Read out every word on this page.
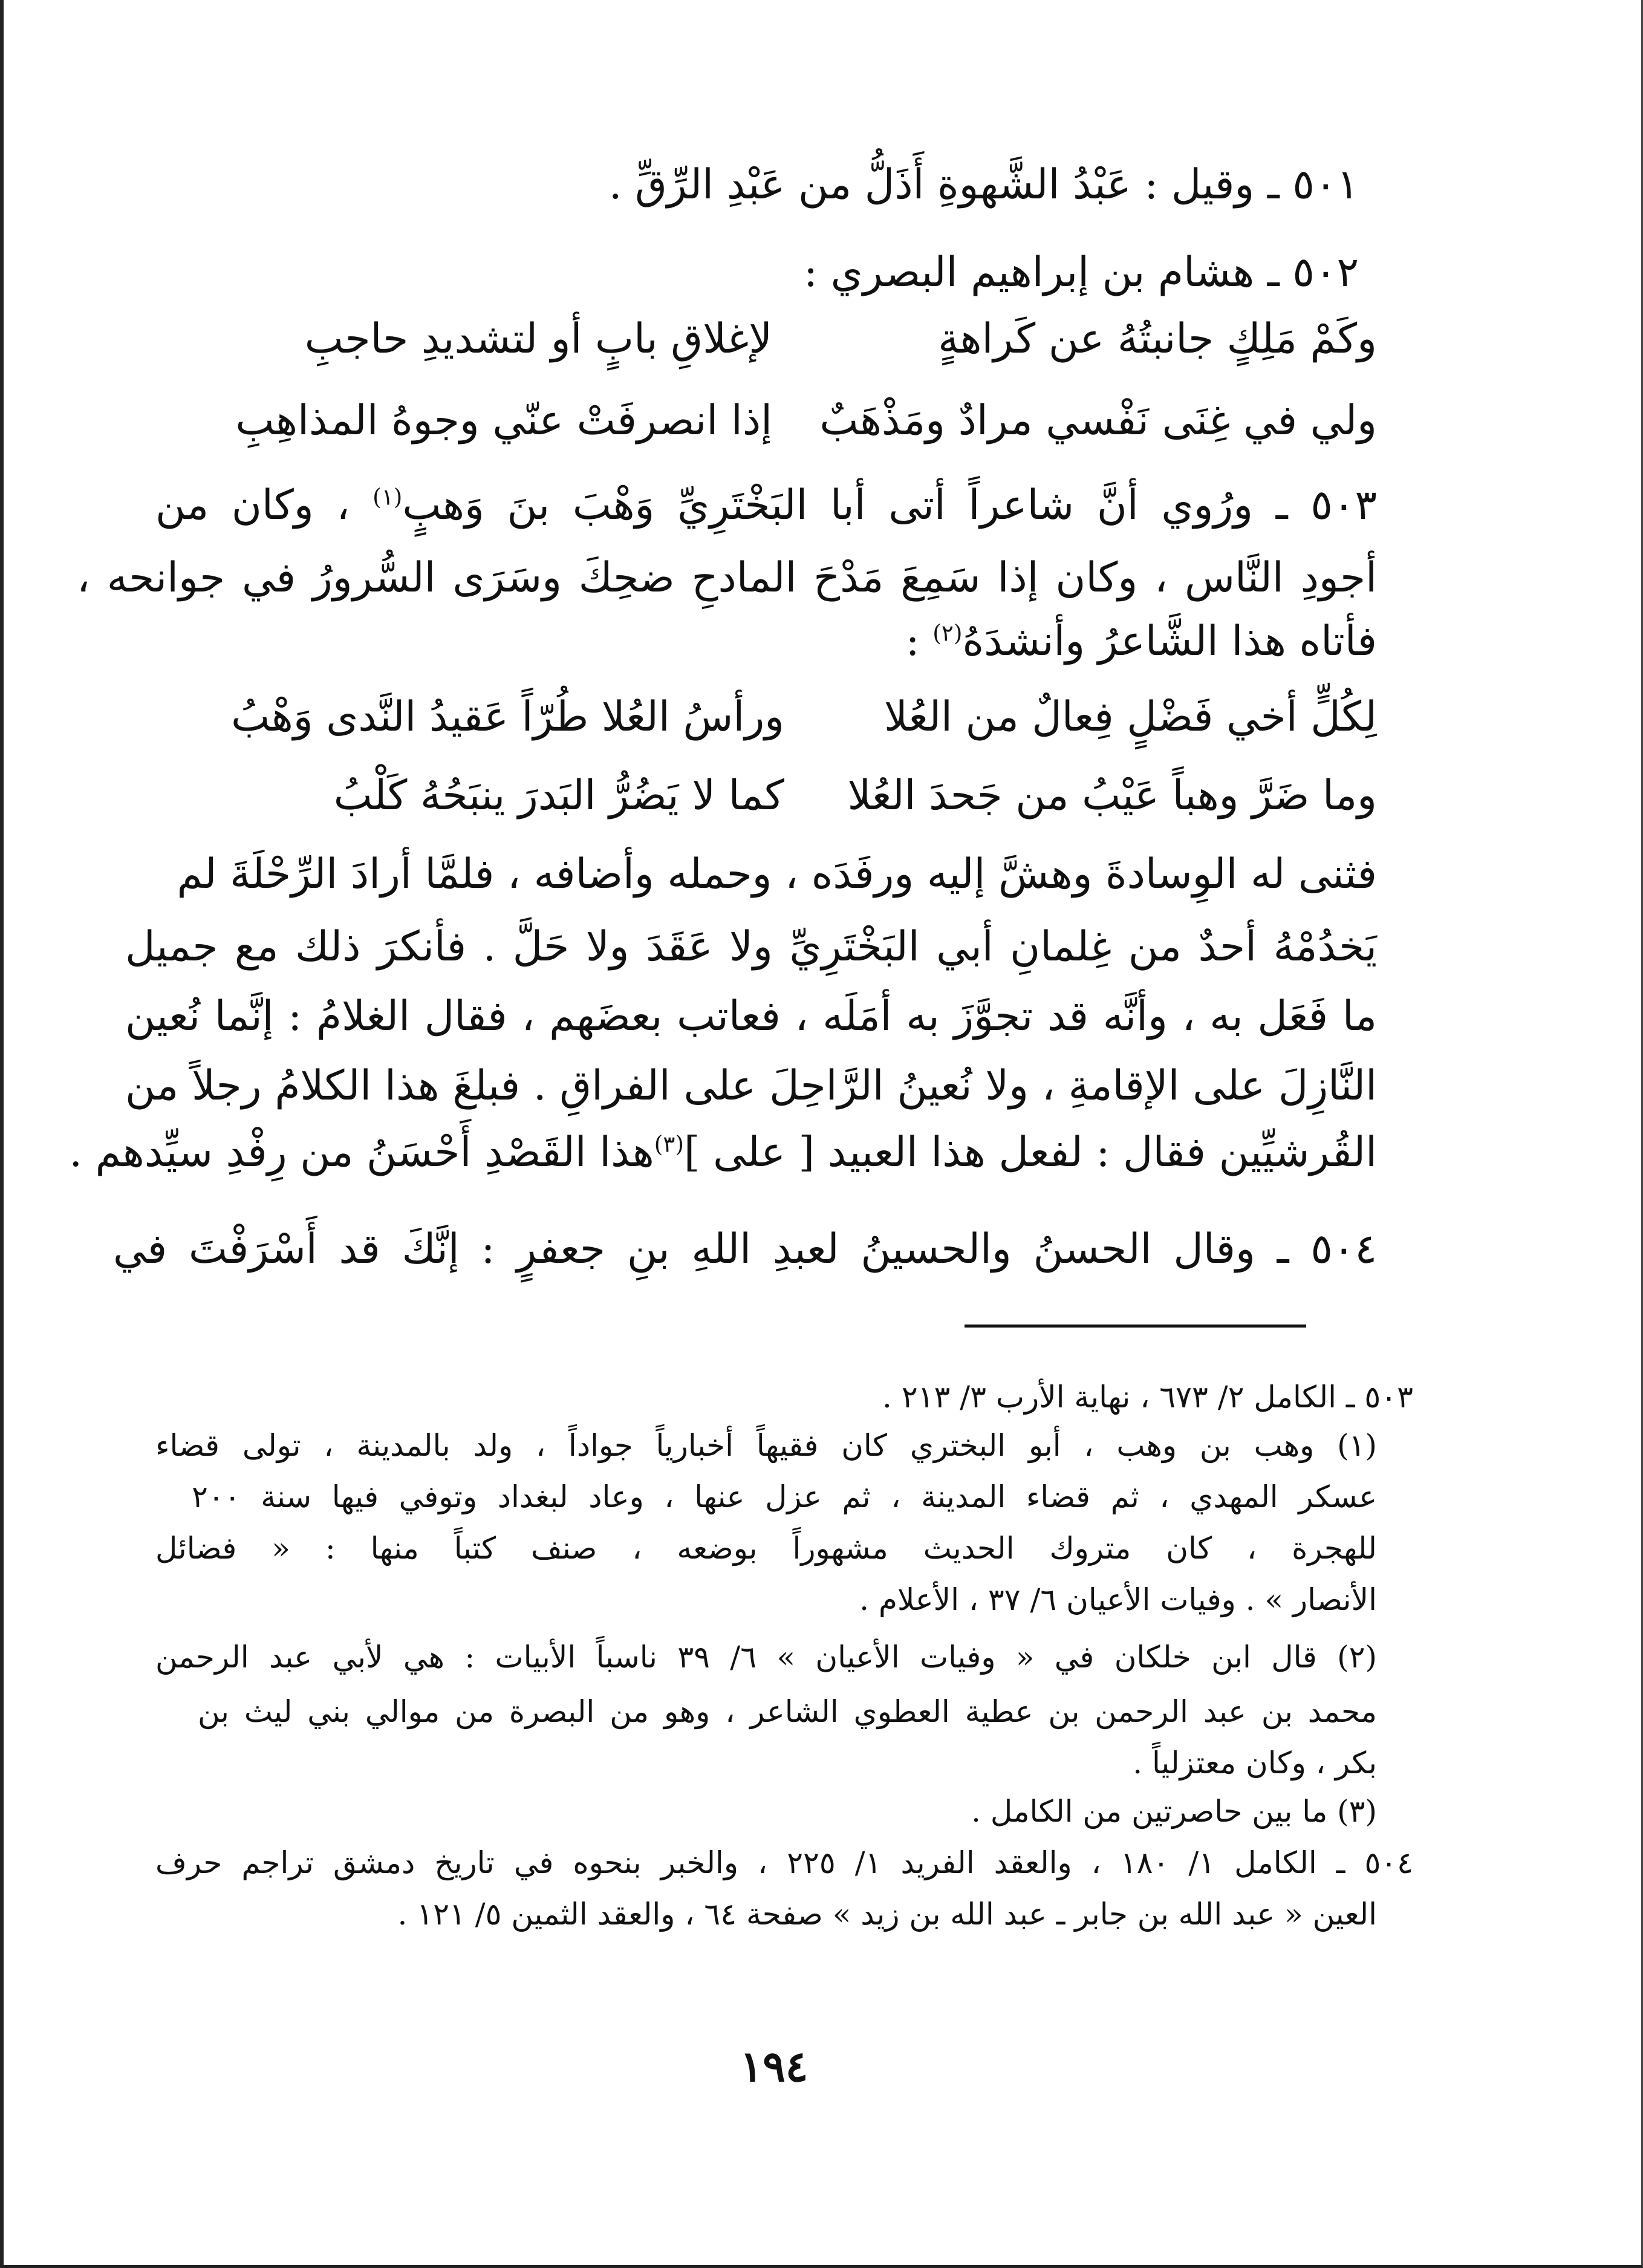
٥٠١ ـ وقيل : عَبْدُ الشَّهوةِ أَذَلُّ من عَبْدِ الرِّقِّ .
٥٠٢ ـ هشام بن إبراهيم البصري :
وكَمْ مَلِكٍ جانبتُهُ عن كَراهةٍ
لإغلاقِ بابٍ أو لتشديدِ حاجبِ
ولي في غِنَى نَفْسي مرادٌ ومَذْهَبٌ
إذا انصرفَتْ عنّي وجوهُ المذاهِبِ
٥٠٣ ـ ورُوي أنَّ شاعراً أتى أبا البَخْتَرِيِّ وَهْبَ بنَ وَهبٍ$^{(١)}$ ، وكان من
أجودِ النَّاس ، وكان إذا سَمِعَ مَدْحَ المادحِ ضحِكَ وسَرَى السُّرورُ في جوانحه ،
فأتاه هذا الشَّاعرُ وأنشدَهُ$^{(٢)}$ :
لِكُلٍّ أخي فَضْلٍ فِعالٌ من العُلا
ورأسُ العُلا طُرّاً عَقيدُ النَّدى وَهْبُ
وما ضَرَّ وهباً عَيْبُ من جَحدَ العُلا
كما لا يَضُرُّ البَدرَ ينبَحُهُ كَلْبُ
فثنى له الوِسادةَ وهشَّ إليه ورفَدَه ، وحمله وأضافه ، فلمَّا أرادَ الرِّحْلَةَ لم
يَخدُمْهُ أحدٌ من غِلمانِ أبي البَخْتَرِيِّ ولا عَقَدَ ولا حَلَّ . فأنكرَ ذلك مع جميل
ما فَعَل به ، وأنَّه قد تجوَّزَ به أمَلَه ، فعاتب بعضَهم ، فقال الغلامُ : إنَّما نُعين
النَّازِلَ على الإقامةِ ، ولا نُعينُ الرَّاحِلَ على الفراقِ . فبلغَ هذا الكلامُ رجلاً من
القُرشيِّين فقال : لفعل هذا العبيد [ على ]$^{(٣)}$هذا القَصْدِ أَحْسَنُ من رِفْدِ سيِّدهم .
٥٠٤ ـ وقال الحسنُ والحسينُ لعبدِ اللهِ بنِ جعفرٍ : إنَّكَ قد أَسْرَفْتَ في
٥٠٣ ـ الكامل ٢/ ٦٧٣ ، نهاية الأرب ٣/ ٢١٣ .
(١) وهب بن وهب ، أبو البختري كان فقيهاً أخبارياً جواداً ، ولد بالمدينة ، تولى قضاء
عسكر المهدي ، ثم قضاء المدينة ، ثم عزل عنها ، وعاد لبغداد وتوفي فيها سنة ٢٠٠
للهجرة ، كان متروك الحديث مشهوراً بوضعه ، صنف كتباً منها : « فضائل
الأنصار » . وفيات الأعيان ٦/ ٣٧ ، الأعلام .
(٢) قال ابن خلكان في « وفيات الأعيان » ٦/ ٣٩ ناسباً الأبيات : هي لأبي عبد الرحمن
محمد بن عبد الرحمن بن عطية العطوي الشاعر ، وهو من البصرة من موالي بني ليث بن
بكر ، وكان معتزلياً .
(٣) ما بين حاصرتين من الكامل .
٥٠٤ ـ الكامل ١/ ١٨٠ ، والعقد الفريد ١/ ٢٢٥ ، والخبر بنحوه في تاريخ دمشق تراجم حرف
العين « عبد الله بن جابر ـ عبد الله بن زيد » صفحة ٦٤ ، والعقد الثمين ٥/ ١٢١ .
١٩٤
